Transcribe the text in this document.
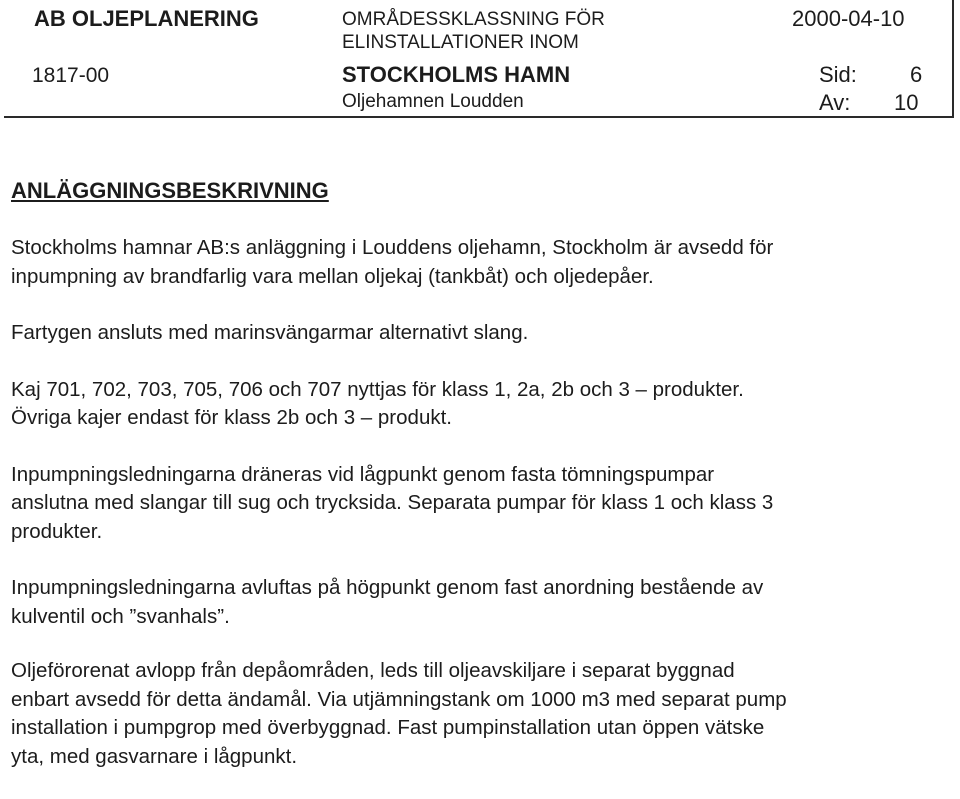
AB OLJEPLANERING	OMRÅDESSKLASSNING FÖR
ELINSTALLATIONER INOM
2000-04-10
1817-00	STOCKHOLMS HAMN
Oljehamnen Loudden
Sid: 6
Av: 10
ANLÄGGNINGSBESKRIVNING

Stockholms hamnar AB:s anläggning i Louddens oljehamn, Stockholm är avsedd för
inpumpning av brandfarlig vara mellan oljekaj (tankbåt) och oljedepåer.

Fartygen ansluts med marinsvängarmar alternativt slang.

Kaj 701, 702, 703, 705, 706 och 707 nyttjas för klass 1, 2a, 2b och 3 – produkter.
Övriga kajer endast för klass 2b och 3 – produkt.

Inpumpningsledningarna dräneras vid lågpunkt genom fasta tömningspumpar
anslutna med slangar till sug och trycksida. Separata pumpar för klass 1 och klass 3
produkter.

Inpumpningsledningarna avluftas på högpunkt genom fast anordning bestående av
kulventil och ”svanhals”.

Oljeförorenat avlopp från depåområden, leds till oljeavskiljare i separat byggnad
enbart avsedd för detta ändamål. Via utjämningstank om 1000 m3 med separat pump
installation i pumpgrop med överbyggnad. Fast pumpinstallation utan öppen vätske
yta, med gasvarnare i lågpunkt.
